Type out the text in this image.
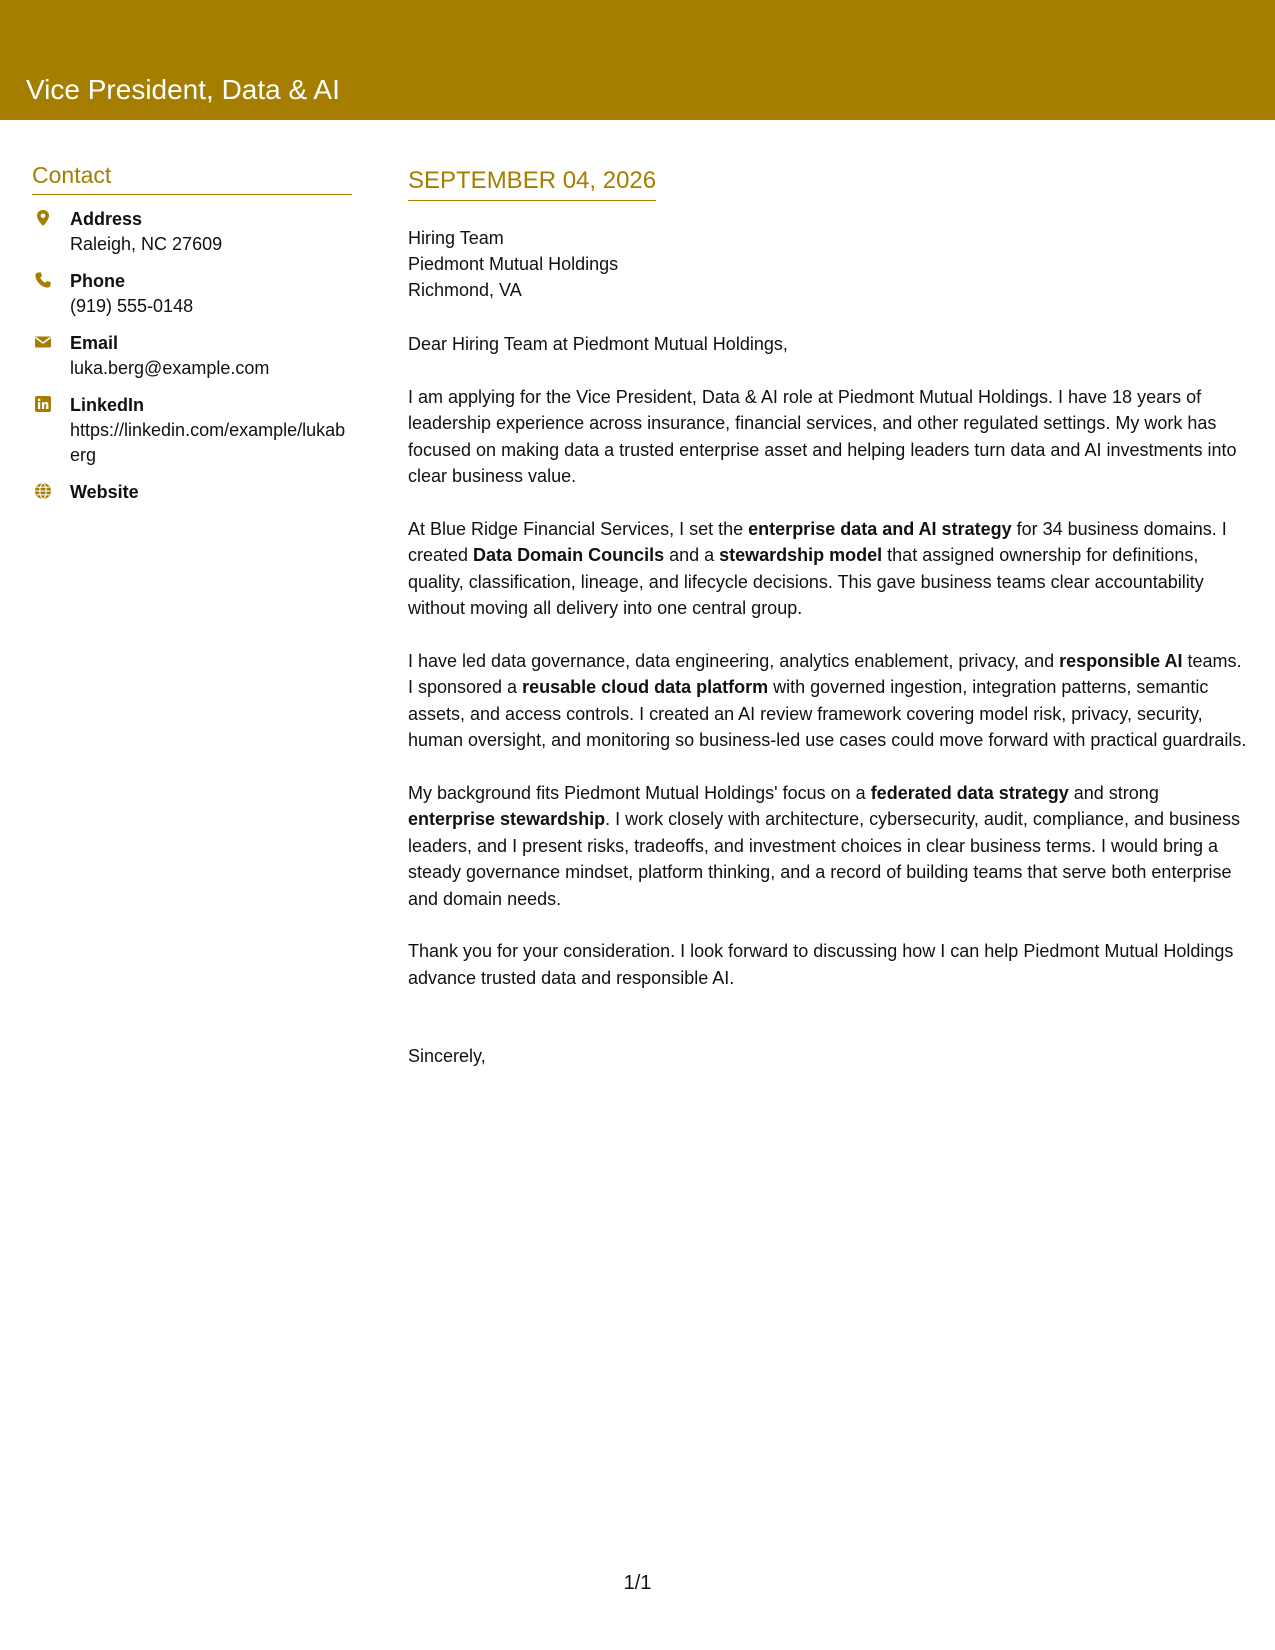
Vice President, Data & AI
Contact
Address
Raleigh, NC 27609
Phone
(919) 555-0148
Email
luka.berg@example.com
LinkedIn
https://linkedin.com/example/lukaberg
Website
SEPTEMBER 04, 2026
Hiring Team
Piedmont Mutual Holdings
Richmond, VA

Dear Hiring Team at Piedmont Mutual Holdings,

I am applying for the Vice President, Data & AI role at Piedmont Mutual Holdings. I have 18 years of leadership experience across insurance, financial services, and other regulated settings. My work has focused on making data a trusted enterprise asset and helping leaders turn data and AI investments into clear business value.

At Blue Ridge Financial Services, I set the enterprise data and AI strategy for 34 business domains. I created Data Domain Councils and a stewardship model that assigned ownership for definitions, quality, classification, lineage, and lifecycle decisions. This gave business teams clear accountability without moving all delivery into one central group.

I have led data governance, data engineering, analytics enablement, privacy, and responsible AI teams. I sponsored a reusable cloud data platform with governed ingestion, integration patterns, semantic assets, and access controls. I created an AI review framework covering model risk, privacy, security, human oversight, and monitoring so business-led use cases could move forward with practical guardrails.

My background fits Piedmont Mutual Holdings' focus on a federated data strategy and strong enterprise stewardship. I work closely with architecture, cybersecurity, audit, compliance, and business leaders, and I present risks, tradeoffs, and investment choices in clear business terms. I would bring a steady governance mindset, platform thinking, and a record of building teams that serve both enterprise and domain needs.

Thank you for your consideration. I look forward to discussing how I can help Piedmont Mutual Holdings advance trusted data and responsible AI.

Sincerely,
1/1
